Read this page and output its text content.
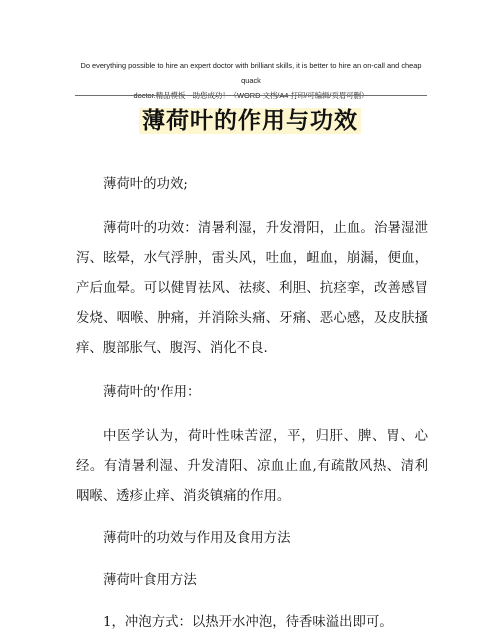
Do everything possible to hire an expert doctor with brilliant skills, it is better to hire an on-call and cheap quack
doctor.精品模板　助您成功！（WORD 文档/A4 打印/可编辑/页眉可删）
薄荷叶的作用与功效

薄荷叶的功效;

薄荷叶的功效：清暑利湿，升发滑阳，止血。治暑湿泄泻、眩晕，水气浮肿，雷头风，吐血，衄血，崩漏，便血，产后血晕。可以健胃祛风、祛痰、利胆、抗痉挛，改善感冒发烧、咽喉、肿痛，并消除头痛、牙痛、恶心感，及皮肤搔痒、腹部胀气、腹泻、消化不良.

薄荷叶的'作用：

中医学认为，荷叶性味苦涩，平，归肝、脾、胃、心经。有清暑利湿、升发清阳、凉血止血,有疏散风热、清利咽喉、透疹止痒、消炎镇痛的作用。

薄荷叶的功效与作用及食用方法

薄荷叶食用方法

1，冲泡方式：以热开水冲泡，待香味溢出即可。
